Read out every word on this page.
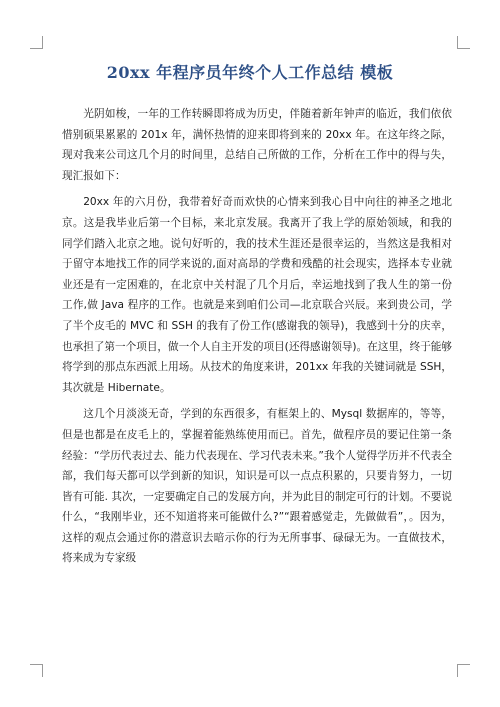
20xx 年程序员年终个人工作总结 模板

光阴如梭，一年的工作转瞬即将成为历史，伴随着新年钟声的临近，我们依依惜别硕果累累的 201x 年，满怀热情的迎来即将到来的 20xx 年。在这年终之际，现对我来公司这几个月的时间里，总结自己所做的工作，分析在工作中的得与失，现汇报如下：

20xx 年的六月份，我带着好奇而欢快的心情来到我心目中向往的神圣之地北京。这是我毕业后第一个目标，来北京发展。我离开了我上学的原始领域，和我的同学们踏入北京之地。说句好听的，我的技术生涯还是很幸运的，当然这是我相对于留守本地找工作的同学来说的,面对高昂的学费和残酷的社会现实，选择本专业就业还是有一定困难的，在北京中关村混了几个月后，幸运地找到了我人生的第一份工作,做 Java 程序的工作。也就是来到咱们公司—北京联合兴辰。来到贵公司，学了半个皮毛的 MVC 和 SSH 的我有了份工作(感谢我的领导)，我感到十分的庆幸，也承担了第一个项目，做一个人自主开发的项目(还得感谢领导)。在这里，终于能够将学到的那点东西派上用场。从技术的角度来讲，201xx 年我的关键词就是 SSH，其次就是 Hibernate。

这几个月淡淡无奇，学到的东西很多，有框架上的、Mysql 数据库的，等等，但是也都是在皮毛上的，掌握着能熟练使用而已。首先，做程序员的要记住第一条经验：“学历代表过去、能力代表现在、学习代表未来。”我个人觉得学历并不代表全部，我们每天都可以学到新的知识，知识是可以一点点积累的，只要肯努力，一切皆有可能. 其次，一定要确定自己的发展方向，并为此目的制定可行的计划。不要说什么，“我刚毕业，还不知道将来可能做什么?”“跟着感觉走，先做做看”，。因为，这样的观点会通过你的潜意识去暗示你的行为无所事事、碌碌无为。一直做技术，将来成为专家级
